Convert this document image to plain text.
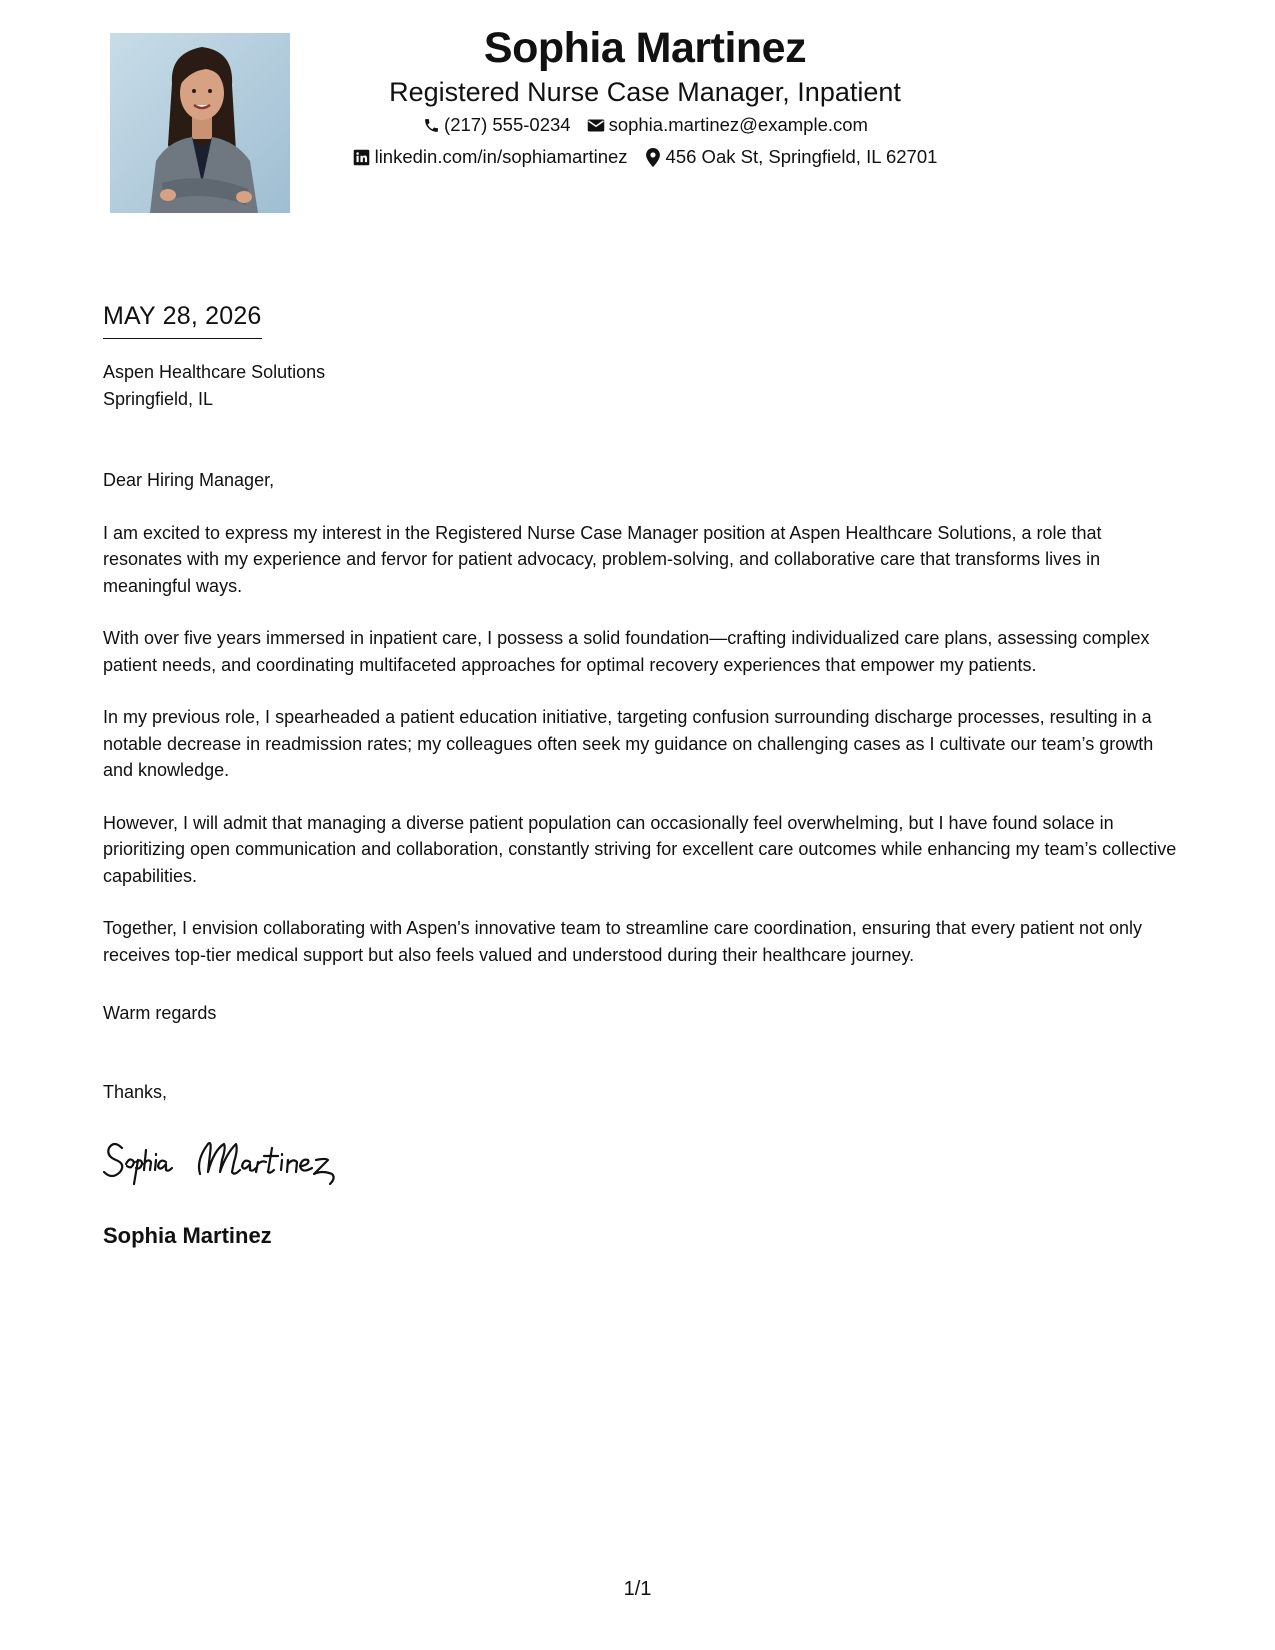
Sophia Martinez
Registered Nurse Case Manager, Inpatient
(217) 555-0234 sophia.martinez@example.com
linkedin.com/in/sophiamartinez 456 Oak St, Springfield, IL 62701
MAY 28, 2026
Aspen Healthcare Solutions
Springfield, IL

Dear Hiring Manager,

I am excited to express my interest in the Registered Nurse Case Manager position at Aspen Healthcare Solutions, a role that resonates with my experience and fervor for patient advocacy, problem-solving, and collaborative care that transforms lives in meaningful ways.

With over five years immersed in inpatient care, I possess a solid foundation—crafting individualized care plans, assessing complex patient needs, and coordinating multifaceted approaches for optimal recovery experiences that empower my patients.

In my previous role, I spearheaded a patient education initiative, targeting confusion surrounding discharge processes, resulting in a notable decrease in readmission rates; my colleagues often seek my guidance on challenging cases as I cultivate our team’s growth and knowledge.

However, I will admit that managing a diverse patient population can occasionally feel overwhelming, but I have found solace in prioritizing open communication and collaboration, constantly striving for excellent care outcomes while enhancing my team’s collective capabilities.

Together, I envision collaborating with Aspen's innovative team to streamline care coordination, ensuring that every patient not only receives top-tier medical support but also feels valued and understood during their healthcare journey.

Warm regards
Thanks,
Sophia Martinez
1/1
